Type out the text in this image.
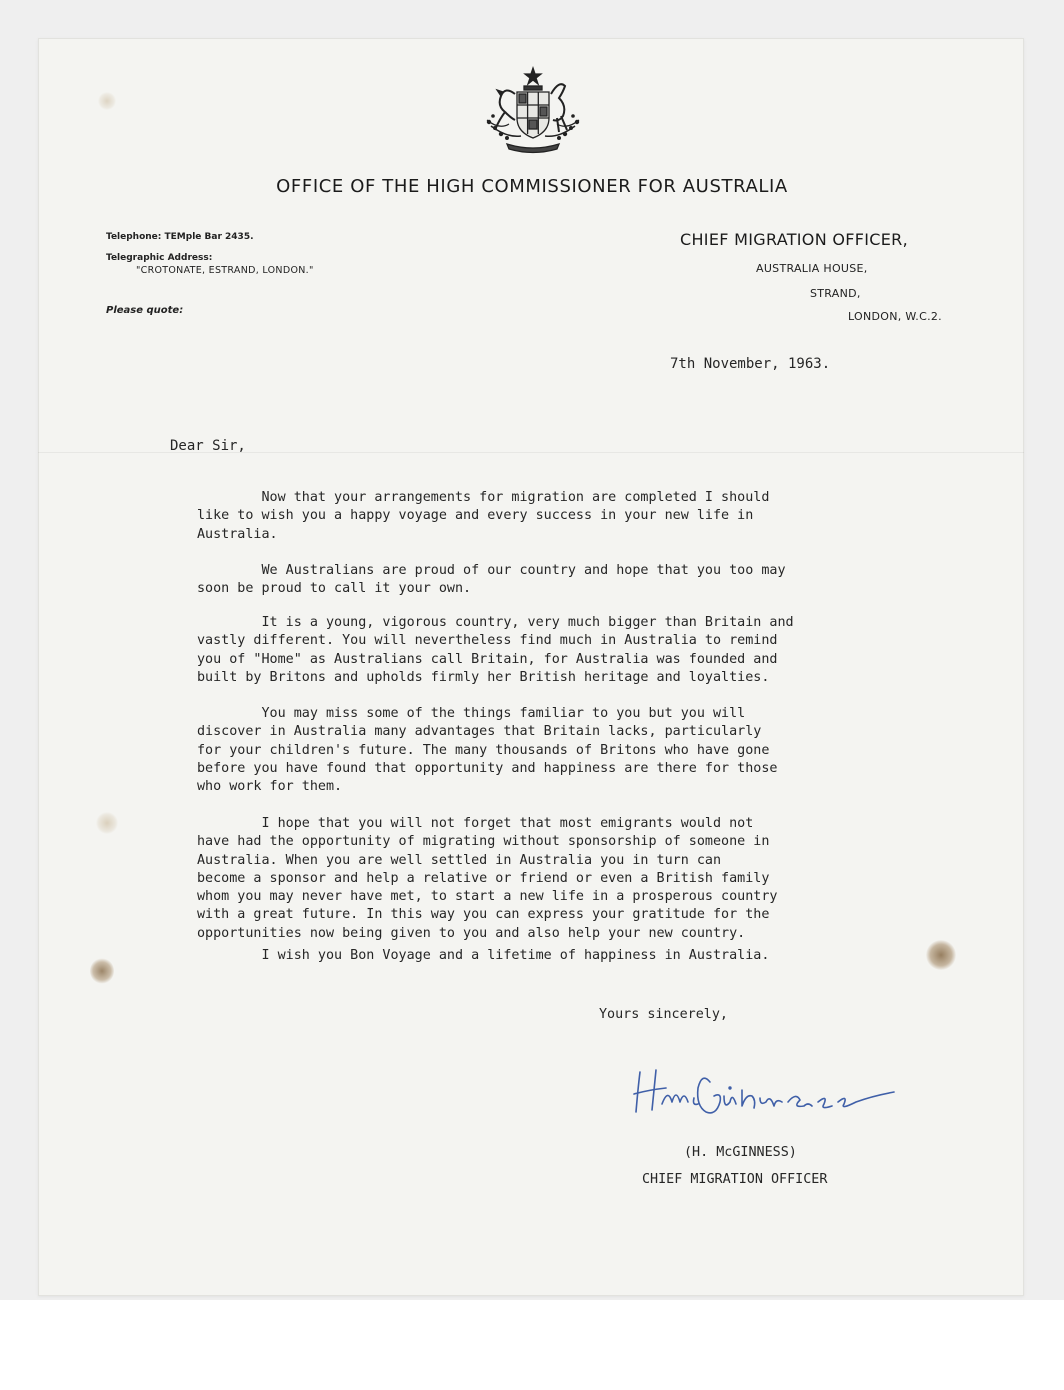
OFFICE OF THE HIGH COMMISSIONER FOR AUSTRALIA
Telephone: TEMple Bar 2435.
Telegraphic Address:
"CROTONATE, ESTRAND, LONDON."
Please quote:
CHIEF MIGRATION OFFICER,
AUSTRALIA HOUSE,
STRAND,
LONDON, W.C.2.
7th November, 1963.
Dear Sir,
Now that your arrangements for migration are completed I should
like to wish you a happy voyage and every success in your new life in
Australia.
We Australians are proud of our country and hope that you too may
soon be proud to call it your own.
It is a young, vigorous country, very much bigger than Britain and
vastly different. You will nevertheless find much in Australia to remind
you of "Home" as Australians call Britain, for Australia was founded and
built by Britons and upholds firmly her British heritage and loyalties.
You may miss some of the things familiar to you but you will
discover in Australia many advantages that Britain lacks, particularly
for your children's future. The many thousands of Britons who have gone
before you have found that opportunity and happiness are there for those
who work for them.
I hope that you will not forget that most emigrants would not
have had the opportunity of migrating without sponsorship of someone in
Australia. When you are well settled in Australia you in turn can
become a sponsor and help a relative or friend or even a British family
whom you may never have met, to start a new life in a prosperous country
with a great future. In this way you can express your gratitude for the
opportunities now being given to you and also help your new country.
I wish you Bon Voyage and a lifetime of happiness in Australia.
Yours sincerely,
(H. McGINNESS)
CHIEF MIGRATION OFFICER
